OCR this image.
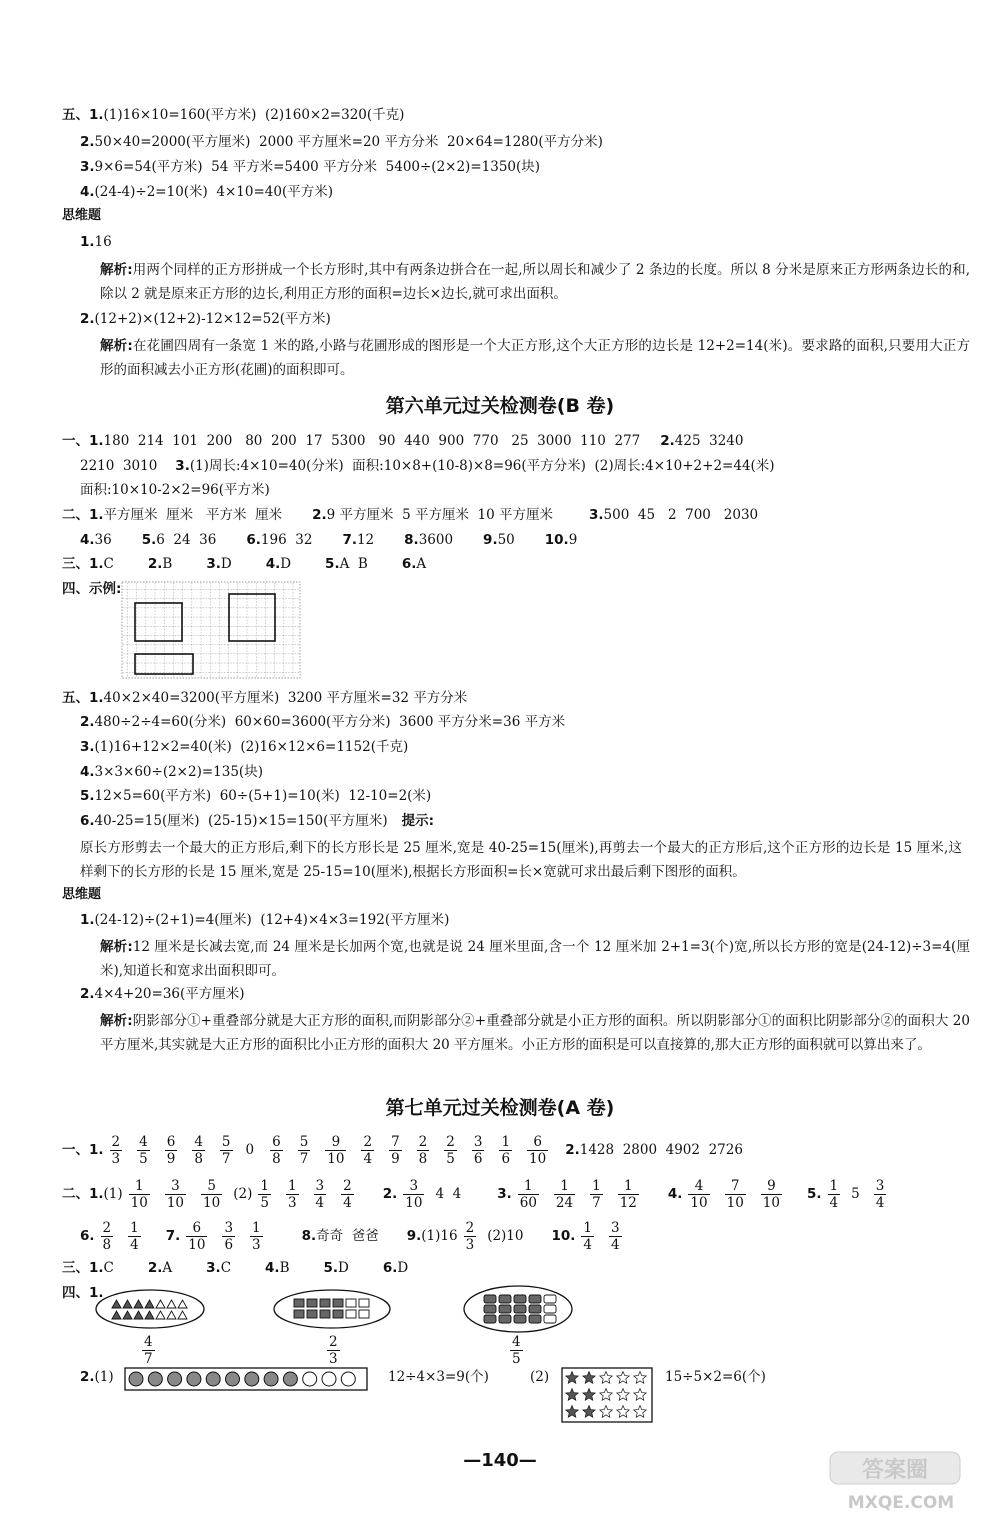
五、1.(1)16×10=160(平方米)  (2)160×2=320(千克)
2.50×40=2000(平方厘米)  2000 平方厘米=20 平方分米  20×64=1280(平方分米)
3.9×6=54(平方米)  54 平方米=5400 平方分米  5400÷(2×2)=1350(块)
4.(24-4)÷2=10(米)  4×10=40(平方米)
思维题
1.16
解析:用两个同样的正方形拼成一个长方形时,其中有两条边拼合在一起,所以周长和减少了 2 条边的长度。所以 8 分米是原来正方形两条边长的和,除以 2 就是原来正方形的边长,利用正方形的面积=边长×边长,就可求出面积。
2.(12+2)×(12+2)-12×12=52(平方米)
解析:在花圃四周有一条宽 1 米的路,小路与花圃形成的图形是一个大正方形,这个大正方形的边长是 12+2=14(米)。要求路的面积,只要用大正方形的面积减去小正方形(花圃)的面积即可。
第六单元过关检测卷(B 卷)
一、1.180  214  101  200   80  200  17  5300   90  440  900  770   25  3000  110  277 2.425  3240
2210  3010 3.(1)周长:4×10=40(分米)  面积:10×8+(10-8)×8=96(平方分米)  (2)周长:4×10+2+2=44(米)
面积:10×10-2×2=96(平方米)
二、1.平方厘米  厘米   平方米  厘米 2.9 平方厘米  5 平方厘米  10 平方厘米	3.500  45   2  700   2030
4.36 5.6  24  36 6.196  32 7.12 8.3600 9.50 10.9
三、1.C	2.B	3.D	4.D	5.A  B	6.A
四、示例:
五、1.40×2×40=3200(平方厘米)  3200 平方厘米=32 平方分米
2.480÷2÷4=60(分米)  60×60=3600(平方分米)  3600 平方分米=36 平方米
3.(1)16+12×2=40(米)  (2)16×12×6=1152(千克)
4.3×3×60÷(2×2)=135(块)
5.12×5=60(平方米)  60÷(5+1)=10(米)  12-10=2(米)
6.40-25=15(厘米)  (25-15)×15=150(平方厘米) 提示:
原长方形剪去一个最大的正方形后,剩下的长方形长是 25 厘米,宽是 40-25=15(厘米),再剪去一个最大的正方形后,这个正方形的边长是 15 厘米,这样剩下的长方形的长是 15 厘米,宽是 25-15=10(厘米),根据长方形面积=长×宽就可求出最后剩下图形的面积。
思维题
1.(24-12)÷(2+1)=4(厘米)  (12+4)×4×3=192(平方厘米)
解析:12 厘米是长减去宽,而 24 厘米是长加两个宽,也就是说 24 厘米里面,含一个 12 厘米加 2+1=3(个)宽,所以长方形的宽是(24-12)÷3=4(厘米),知道长和宽求出面积即可。
2.4×4+20=36(平方厘米)
解析:阴影部分①+重叠部分就是大正方形的面积,而阴影部分②+重叠部分就是小正方形的面积。所以阴影部分①的面积比阴影部分②的面积大 20 平方厘米,其实就是大正方形的面积比小正方形的面积大 20 平方厘米。小正方形的面积是可以直接算的,那大正方形的面积就可以算出来了。
第七单元过关检测卷(A 卷)
一、1. $\frac{2}{3} \frac{4}{5} \frac{6}{9} \frac{4}{8} \frac{5}{7} 0 \frac{6}{8} \frac{5}{7} \frac{9}{10} \frac{2}{4} \frac{7}{9} \frac{2}{8} \frac{2}{5} \frac{3}{6} \frac{1}{6} \frac{6}{10} 2.1428$  2800  4902  2726
二、$1.(1) \frac{1}{10} \frac{3}{10} \frac{5}{10} (2) \frac{1}{5} \frac{1}{3} \frac{3}{4} \frac{2}{4} 2$. $\frac{3}{10} 4$  4	3. $\frac{1}{60} \frac{1}{24} \frac{1}{7} \frac{1}{12} 4$. $\frac{4}{10} \frac{7}{10} \frac{9}{10} 5$. $\frac{1}{4} 5 \frac{3}{4}$
6. $\frac{2}{8} \frac{1}{4} 7$. $\frac{6}{10} \frac{3}{6} \frac{1}{3}$	8.奇奇  爸爸 $9.(1)16 \frac{2}{3} (2)10$ 10. $\frac{1}{4} \frac{3}{4}$
三、1.C	2.A	3.C	4.B	5.D	6.D
四、1.
$\frac{4}{7}$	$\frac{2}{3}$	$\frac{4}{5}$
2.(1)	12÷4×3=9(个)	(2)	15÷5×2=6(个)
—140—	答案圈
MXQE.COM
